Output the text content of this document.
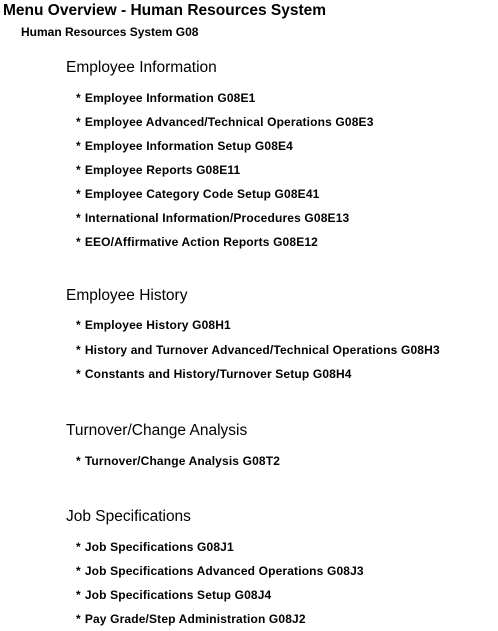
Menu Overview - Human Resources System
Human Resources System G08
Employee Information
* Employee Information G08E1
* Employee Advanced/Technical Operations G08E3
* Employee Information Setup G08E4
* Employee Reports G08E11
* Employee Category Code Setup G08E41
* International Information/Procedures G08E13
* EEO/Affirmative Action Reports G08E12
Employee History
* Employee History G08H1
* History and Turnover Advanced/Technical Operations G08H3
* Constants and History/Turnover Setup G08H4
Turnover/Change Analysis
* Turnover/Change Analysis G08T2
Job Specifications
* Job Specifications G08J1
* Job Specifications Advanced Operations G08J3
* Job Specifications Setup G08J4
* Pay Grade/Step Administration G08J2
